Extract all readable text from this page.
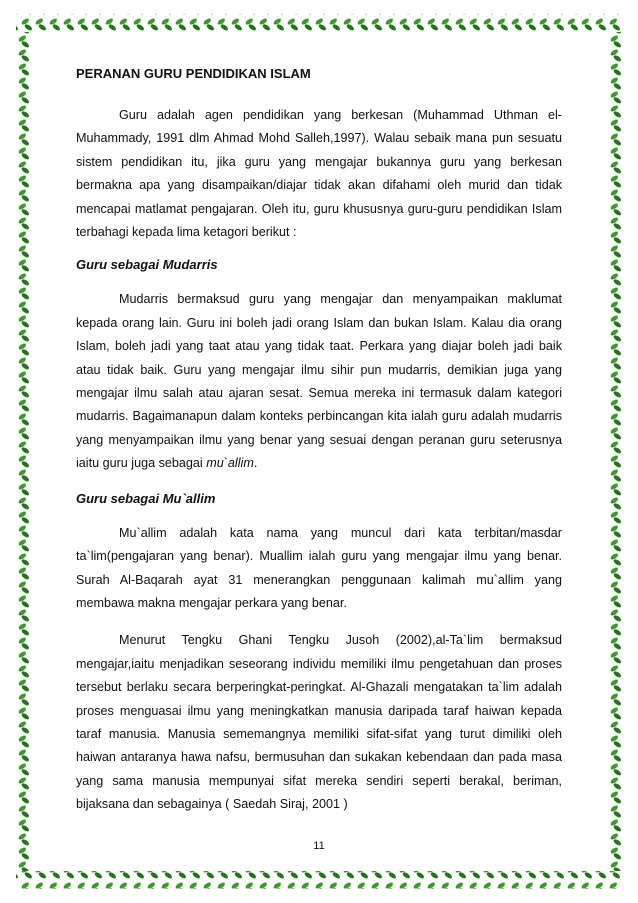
PERANAN GURU PENDIDIKAN ISLAM

Guru adalah agen pendidikan yang berkesan (Muhammad Uthman el-Muhammady, 1991 dlm Ahmad Mohd Salleh,1997). Walau sebaik mana pun sesuatu sistem pendidikan itu, jika guru yang mengajar bukannya guru yang berkesan bermakna apa yang disampaikan/diajar tidak akan difahami oleh murid dan tidak mencapai matlamat pengajaran. Oleh itu, guru khususnya guru-guru pendidikan Islam terbahagi kepada lima ketagori berikut :

Guru sebagai Mudarris

Mudarris bermaksud guru yang mengajar dan menyampaikan maklumat kepada orang lain. Guru ini boleh jadi orang Islam dan bukan Islam. Kalau dia orang Islam, boleh jadi yang taat atau yang tidak taat. Perkara yang diajar boleh jadi baik atau tidak baik. Guru yang mengajar ilmu sihir pun mudarris, demikian juga yang mengajar ilmu salah atau ajaran sesat. Semua mereka ini termasuk dalam kategori mudarris. Bagaimanapun dalam konteks perbincangan kita ialah guru adalah mudarris yang menyampaikan ilmu yang benar yang sesuai dengan peranan guru seterusnya iaitu guru juga sebagai mu`allim.

Guru sebagai Mu`allim

Mu`allim adalah kata nama yang muncul dari kata terbitan/masdar ta`lim(pengajaran yang benar). Muallim ialah guru yang mengajar ilmu yang benar. Surah Al-Baqarah ayat 31 menerangkan penggunaan kalimah mu`allim yang membawa makna mengajar perkara yang benar.

Menurut Tengku Ghani Tengku Jusoh (2002),al-Ta`lim bermaksud mengajar,iaitu menjadikan seseorang individu memiliki ilmu pengetahuan dan proses tersebut berlaku secara berperingkat-peringkat. Al-Ghazali mengatakan ta`lim adalah proses menguasai ilmu yang meningkatkan manusia daripada taraf haiwan kepada taraf manusia. Manusia sememangnya memiliki sifat-sifat yang turut dimiliki oleh haiwan antaranya hawa nafsu, bermusuhan dan sukakan kebendaan dan pada masa yang sama manusia mempunyai sifat mereka sendiri seperti berakal, beriman, bijaksana dan sebagainya ( Saedah Siraj, 2001 )

11
